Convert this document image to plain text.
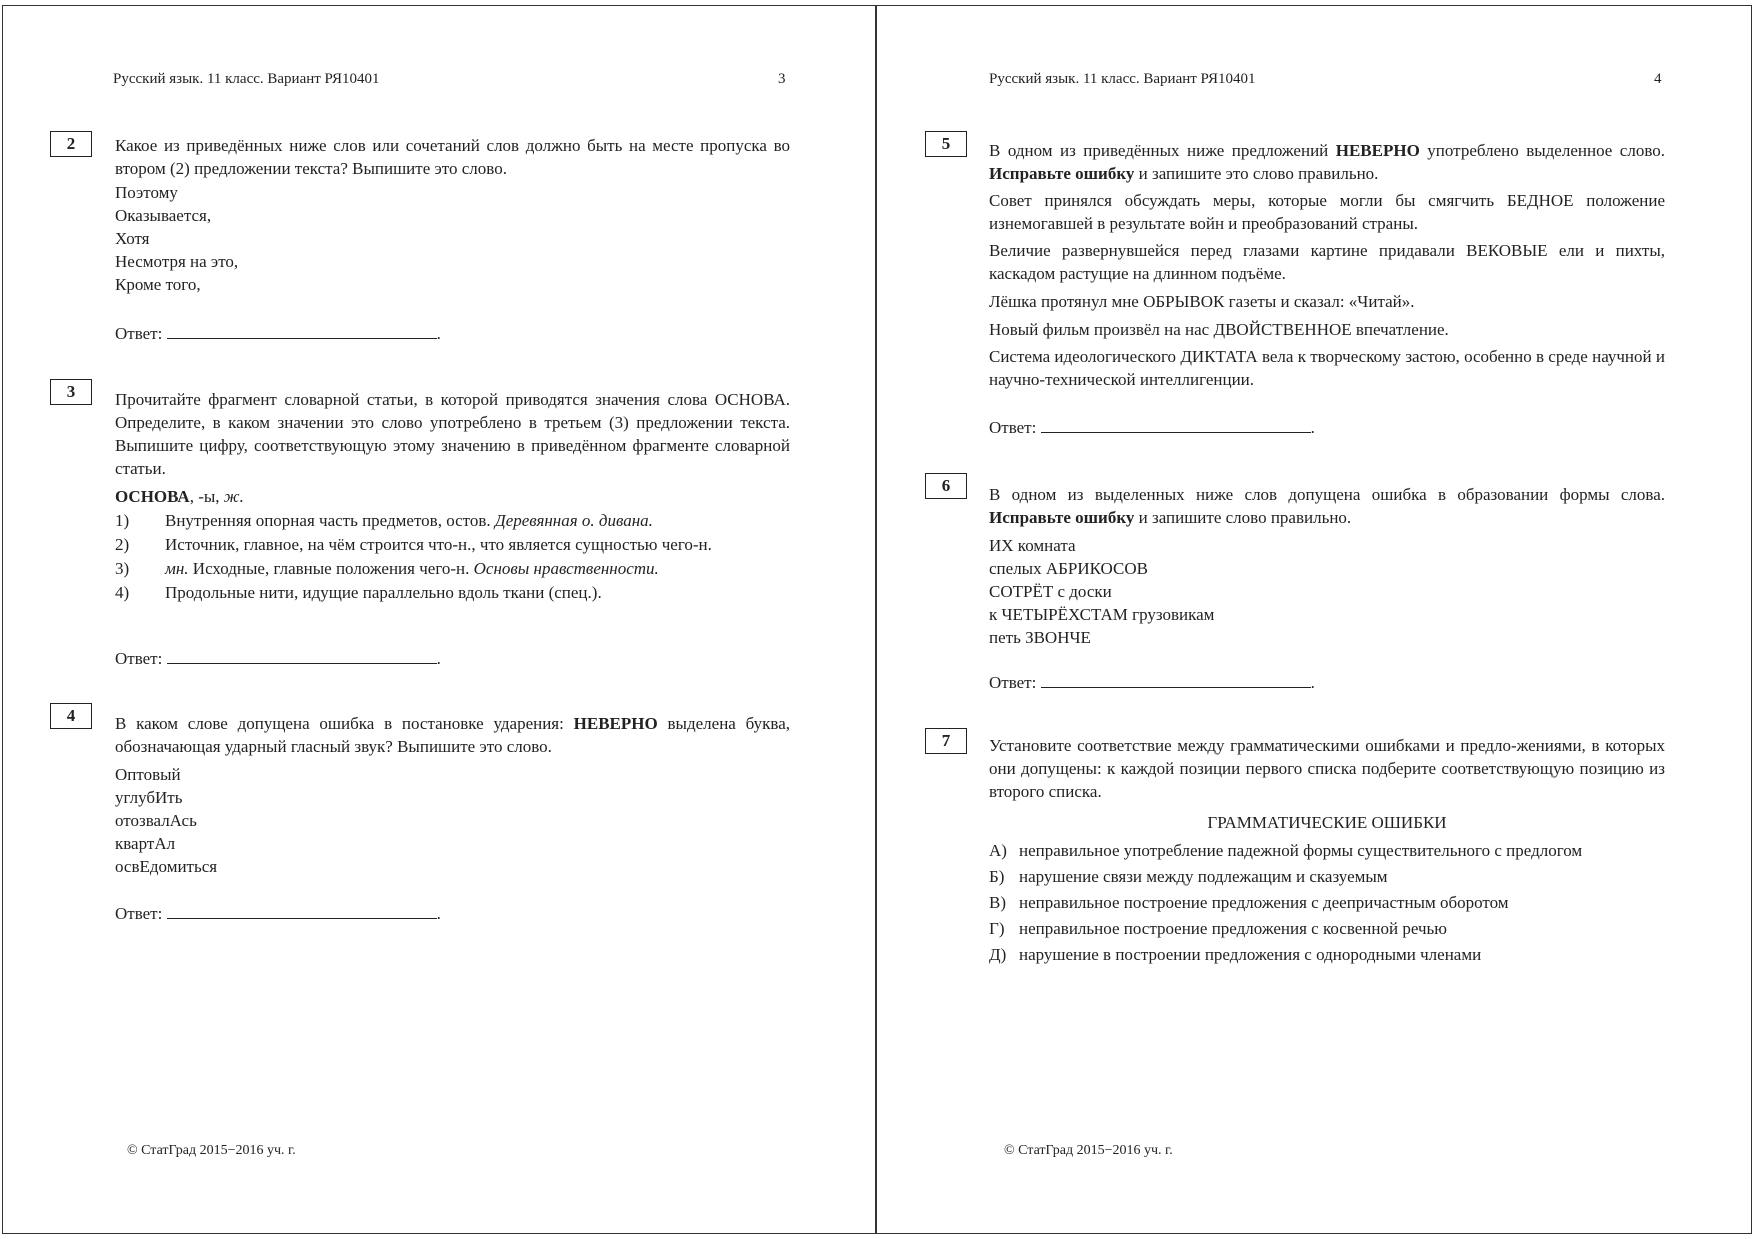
Русский язык. 11 класс. Вариант РЯ10401	3
2	Какое из приведённых ниже слов или сочетаний слов должно быть на месте пропуска во втором (2) предложении текста? Выпишите это слово.
Поэтому
Оказывается,
Хотя
Несмотря на это,
Кроме того,
Ответ:	.
3	Прочитайте фрагмент словарной статьи, в которой приводятся значения слова ОСНОВА. Определите, в каком значении это слово употреблено в третьем (3) предложении текста. Выпишите цифру, соответствующую этому значению в приведённом фрагменте словарной статьи.
ОСНОВА, -ы, ж.
1) Внутренняя опорная часть предметов, остов. Деревянная о. дивана.
2)	Источник, главное, на чём строится что-н., что является сущностью чего-н.
3) мн. Исходные, главные положения чего-н. Основы нравственности.
4) Продольные нити, идущие параллельно вдоль ткани (спец.).
Ответ:	.
4	В каком слове допущена ошибка в постановке ударения: НЕВЕРНО выделена буква, обозначающая ударный гласный звук? Выпишите это слово.
Оптовый
углубИть
отозвалАсь
квартАл
освЕдомиться
Ответ:	.
© СтатГрад 2015−2016 уч. г.
Русский язык. 11 класс. Вариант РЯ10401	4
5	В одном из приведённых ниже предложений НЕВЕРНО употреблено выделенное слово. Исправьте ошибку и запишите это слово правильно.
Совет принялся обсуждать меры, которые могли бы смягчить БЕДНОЕ положение изнемогавшей в результате войн и преобразований страны.
Величие развернувшейся перед глазами картине придавали ВЕКОВЫЕ ели и пихты, каскадом растущие на длинном подъёме.
Лёшка протянул мне ОБРЫВОК газеты и сказал: «Читай».
Новый фильм произвёл на нас ДВОЙСТВЕННОЕ впечатление.
Система идеологического ДИКТАТА вела к творческому застою, особенно в среде научной и научно-технической интеллигенции.
Ответ:	.
6	В одном из выделенных ниже слов допущена ошибка в образовании формы слова. Исправьте ошибку и запишите слово правильно.
ИХ комната
спелых АБРИКОСОВ
СОТРЁТ с доски
к ЧЕТЫРЁХСТАМ грузовикам
петь ЗВОНЧЕ
Ответ:	.
7	Установите соответствие между грамматическими ошибками и предло-жениями, в которых они допущены: к каждой позиции первого списка подберите соответствующую позицию из второго списка.
ГРАММАТИЧЕСКИЕ ОШИБКИ
А) неправильное употребление падежной формы существительного с предлогом
Б) нарушение связи между подлежащим и сказуемым
В) неправильное построение предложения с деепричастным оборотом
Г) неправильное построение предложения с косвенной речью
Д) нарушение в построении предложения с однородными членами
© СтатГрад 2015−2016 уч. г.
